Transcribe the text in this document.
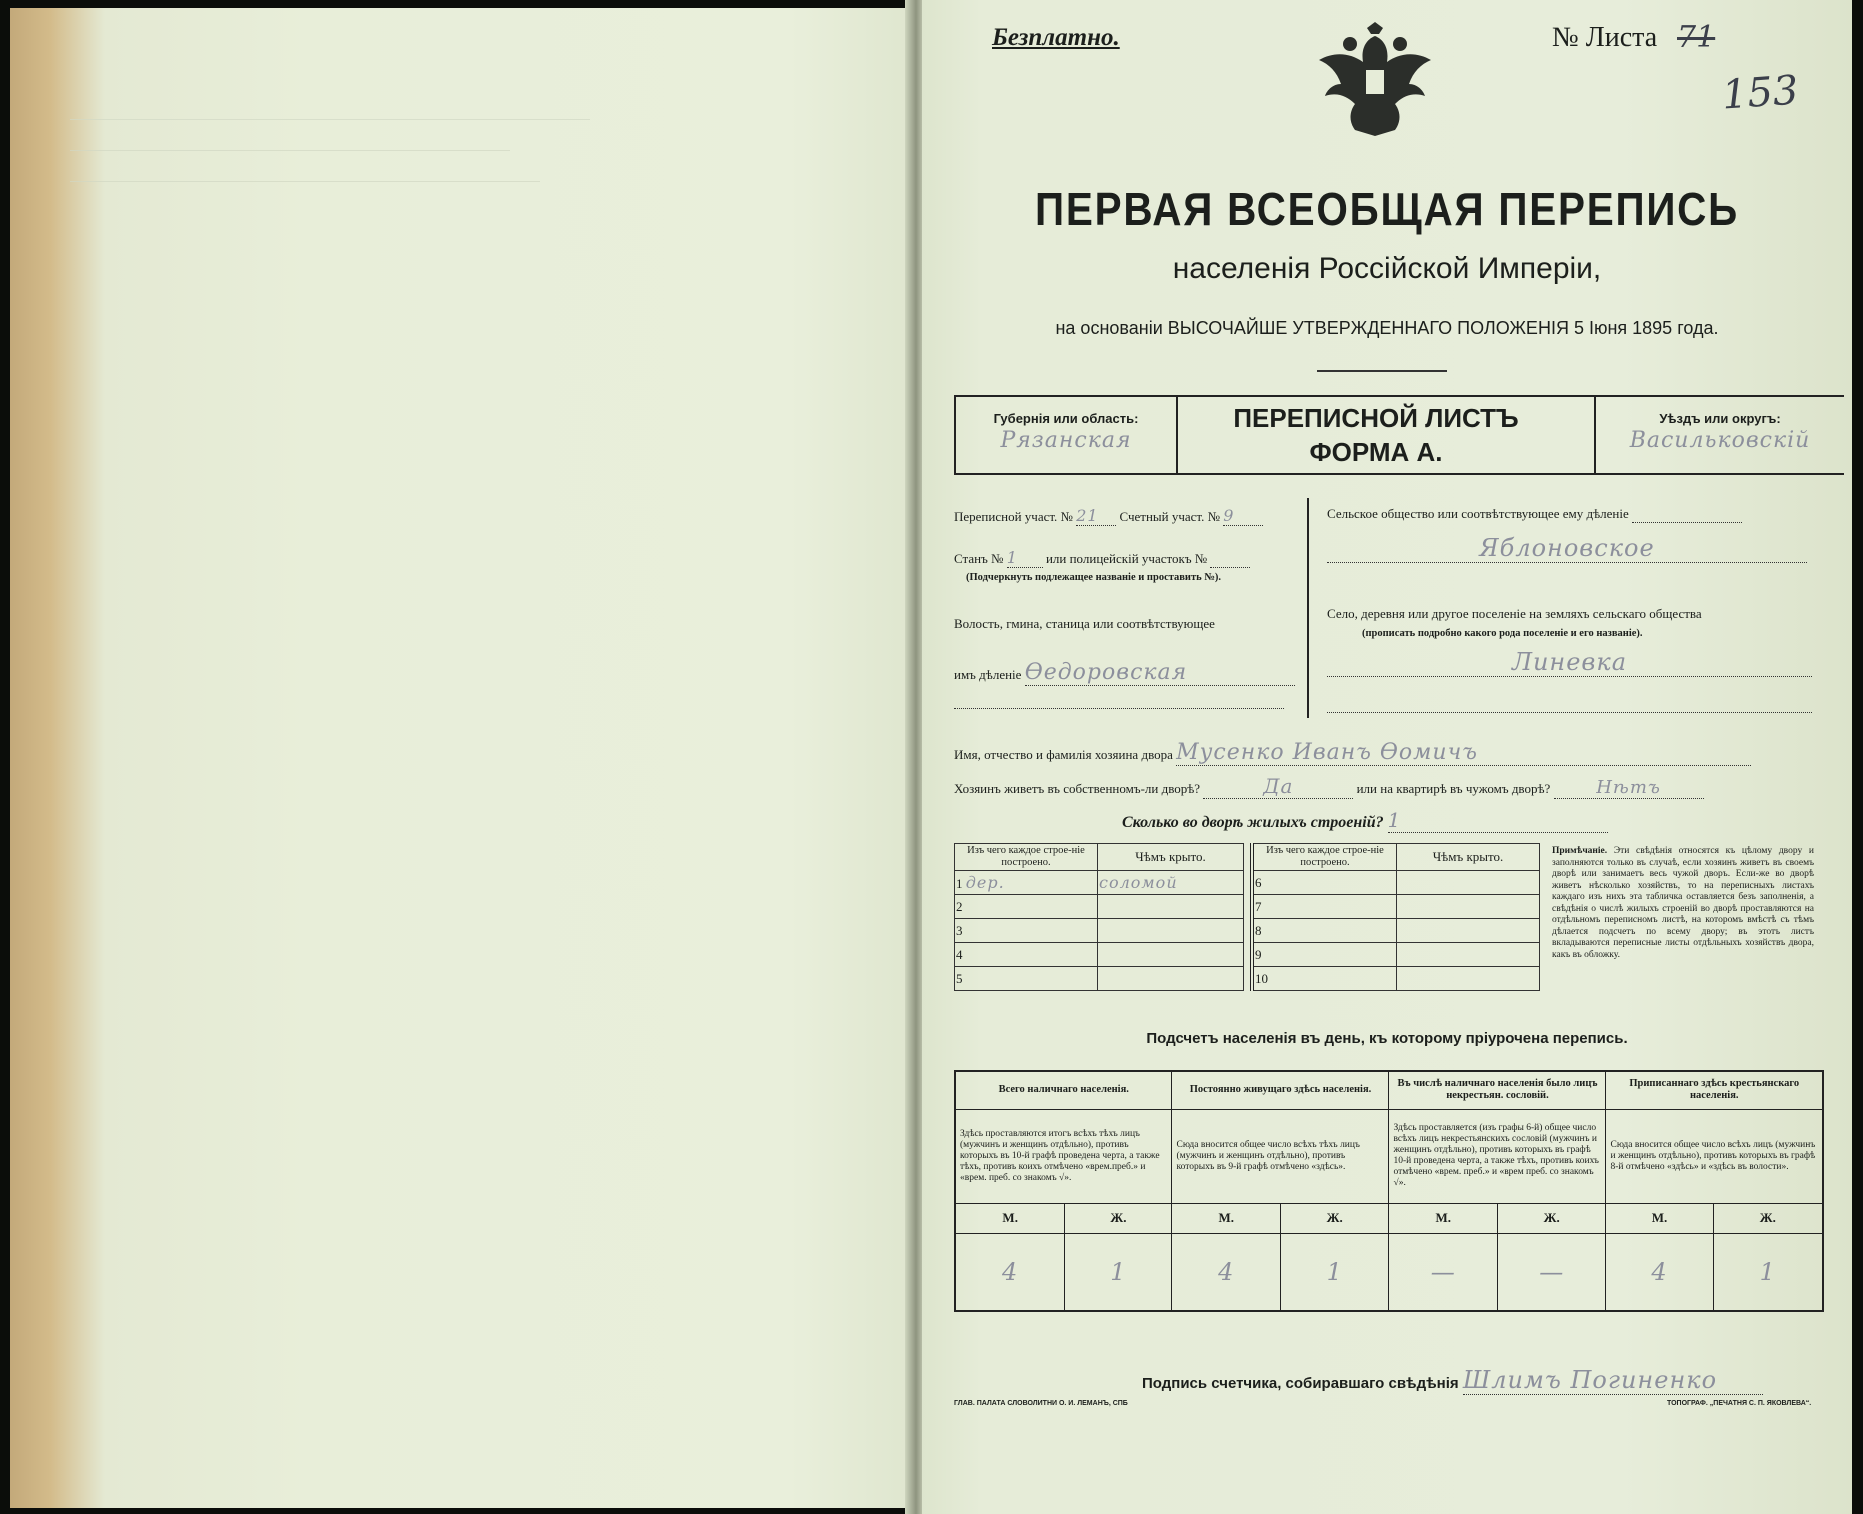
Безплатно.	№ Листа 71
153
ПЕРВАЯ ВСЕОБЩАЯ ПЕРЕПИСЬ
населенія Россійской Имперіи,
на основаніи ВЫСОЧАЙШЕ УТВЕРЖДЕННАГО ПОЛОЖЕНІЯ 5 Іюня 1895 года.
Губернія или область:
Рязанская
ПЕРЕПИСНОЙ ЛИСТЪ
ФОРМА А.
Уѣздъ или округъ:
Васильковскій
Переписной участ. № 21 Счетный участ. № 9
Станъ № 1 или полицейскій участокъ №
(Подчеркнуть подлежащее названіе и проставить №).
Волость, гмина, станица или соотвѣтствующее
имъ дѣленіе Ѳедоровская
Сельское общество или соотвѣтствующее ему дѣленіе
Яблоновское
Село, деревня или другое поселеніе на земляхъ сельскаго общества
(прописать подробно какого рода поселеніе и его названіе).
Линевка
Имя, отчество и фамилія хозяина двора Мусенко Иванъ Ѳомичъ
Хозяинъ живетъ въ собственномъ-ли дворѣ?	Да	или на квартирѣ въ чужомъ дворѣ?	Нѣтъ
Сколько во дворѣ жилыхъ строеній? 1
Изъ чего каждое строе-ніе построено.	Чѣмъ крыто.
1 дер.	соломой
2	
3	
4	
5	
Изъ чего каждое строе-ніе построено.	Чѣмъ крыто.
6	
7	
8	
9	
10	
Примѣчаніе. Эти свѣдѣнія относятся къ цѣлому двору и заполняются только въ случаѣ, если хозяинъ живетъ въ своемъ дворѣ или занимаетъ весь чужой дворъ. Если-же во дворѣ живетъ нѣсколько хозяйствъ, то на переписныхъ листахъ каждаго изъ нихъ эта табличка оставляется безъ заполненія, а свѣдѣнія о числѣ жилыхъ строеній во дворѣ проставляются на отдѣльномъ переписномъ листѣ, на которомъ вмѣстѣ съ тѣмъ дѣлается подсчетъ по всему двору; въ этотъ листъ вкладываются переписные листы отдѣльныхъ хозяйствъ двора, какъ въ обложку.
Подсчетъ населенія въ день, къ которому пріурочена перепись.
Всего наличнаго населенія.		Постоянно живущаго здѣсь населенія.		Въ числѣ наличнаго населенія было лицъ некрестьян. сословій.		Приписаннаго здѣсь крестьянскаго населенія.	
Здѣсь проставляются итогъ всѣхъ тѣхъ лицъ (мужчинъ и женщинъ отдѣльно), противъ которыхъ въ 10-й графѣ проведена черта, а также тѣхъ, противъ коихъ отмѣчено «врем.преб.» и «врем. преб. со знакомъ √».		Сюда вносится общее число всѣхъ тѣхъ лицъ (мужчинъ и женщинъ отдѣльно), противъ которыхъ въ 9-й графѣ отмѣчено «здѣсь».		Здѣсь проставляется (изъ графы 6-й) общее число всѣхъ лицъ некрестьянскихъ сословій (мужчинъ и женщинъ отдѣльно), противъ которыхъ въ графѣ 10-й проведена черта, а также тѣхъ, противъ коихъ отмѣчено «врем. преб.» и «врем преб. со знакомъ √».		Сюда вносится общее число всѣхъ лицъ (мужчинъ и женщинъ отдѣльно), противъ которыхъ въ графѣ 8-й отмѣчено «здѣсь» и «здѣсь въ волости».	
М.	Ж.	М.	Ж.	М.	Ж.	М.	Ж.
4	1	4	1	—	—	4	1
Подпись счетчика, собиравшаго свѣдѣнія Шлимъ Погиненко
ГЛАВ. ПАЛАТА СЛОВОЛИТНИ О. И. ЛЕМАНЪ, СПБ	ТОПОГРАФ. „ПЕЧАТНЯ С. П. ЯКОВЛЕВА“.
